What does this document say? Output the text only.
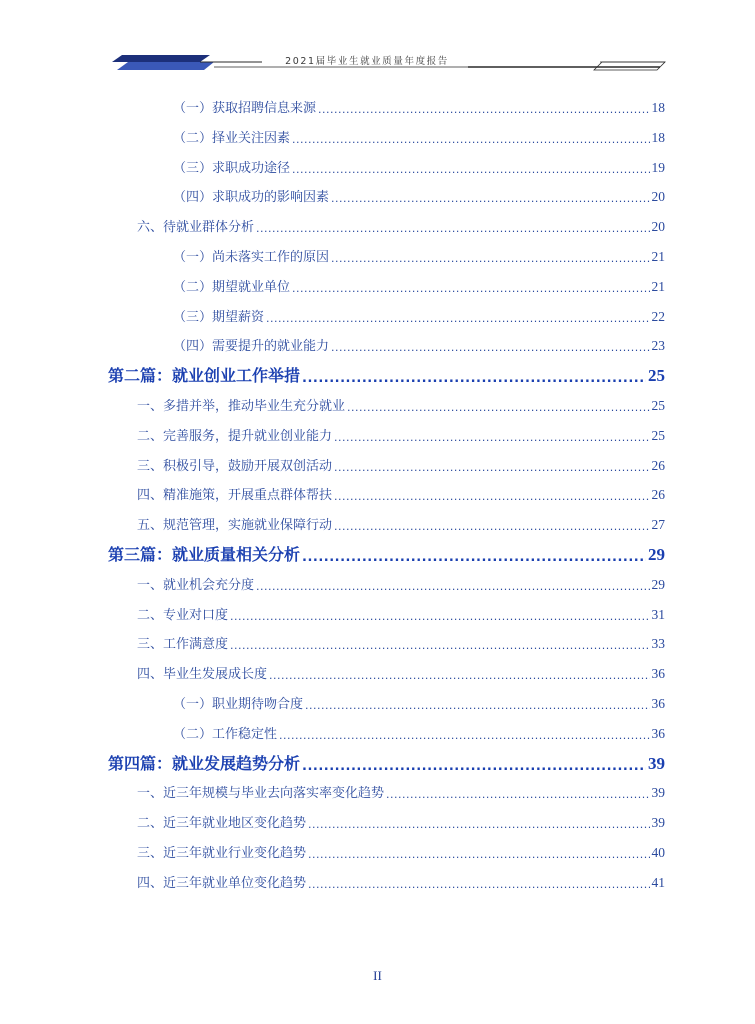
2021届毕业生就业质量年度报告
（一）获取招聘信息来源 .....	18
（二）择业关注因素 .....	18
（三）求职成功途径 .....	19
（四）求职成功的影响因素 .....	20
六、待就业群体分析 .....	20
（一）尚未落实工作的原因 .....	21
（二）期望就业单位 .....	21
（三）期望薪资 .....	22
（四）需要提升的就业能力 .....	23
第二篇：就业创业工作举措 .....	25
一、多措并举，推动毕业生充分就业 .....	25
二、完善服务，提升就业创业能力 .....	25
三、积极引导，鼓励开展双创活动 .....	26
四、精准施策，开展重点群体帮扶 .....	26
五、规范管理，实施就业保障行动 .....	27
第三篇：就业质量相关分析 .....	29
一、就业机会充分度 .....	29
二、专业对口度 .....	31
三、工作满意度 .....	33
四、毕业生发展成长度 .....	36
（一）职业期待吻合度 .....	36
（二）工作稳定性 .....	36
第四篇：就业发展趋势分析 .....	39
一、近三年规模与毕业去向落实率变化趋势 .....	39
二、近三年就业地区变化趋势 .....	39
三、近三年就业行业变化趋势 .....	40
四、近三年就业单位变化趋势 .....	41
II
